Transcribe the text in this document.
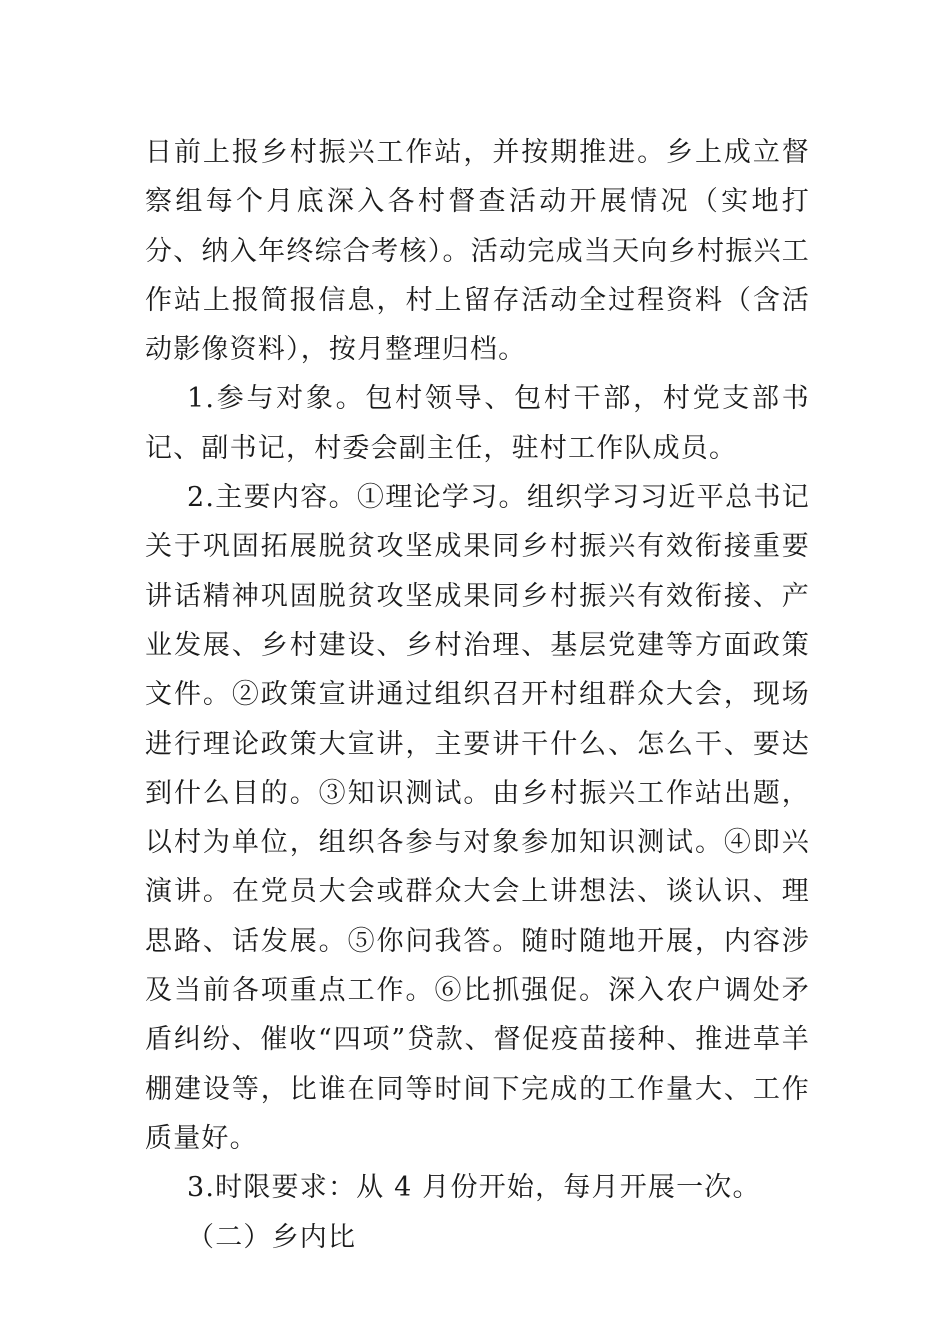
日前上报乡村振兴工作站，并按期推进。乡上成立督察组每个月底深入各村督查活动开展情况（实地打分、纳入年终综合考核）。活动完成当天向乡村振兴工作站上报简报信息，村上留存活动全过程资料（含活动影像资料），按月整理归档。

1.参与对象。包村领导、包村干部，村党支部书记、副书记，村委会副主任，驻村工作队成员。

2.主要内容。①理论学习。组织学习习近平总书记关于巩固拓展脱贫攻坚成果同乡村振兴有效衔接重要讲话精神巩固脱贫攻坚成果同乡村振兴有效衔接、产业发展、乡村建设、乡村治理、基层党建等方面政策文件。②政策宣讲通过组织召开村组群众大会，现场进行理论政策大宣讲，主要讲干什么、怎么干、要达到什么目的。③知识测试。由乡村振兴工作站出题，以村为单位，组织各参与对象参加知识测试。④即兴演讲。在党员大会或群众大会上讲想法、谈认识、理思路、话发展。⑤你问我答。随时随地开展，内容涉及当前各项重点工作。⑥比抓强促。深入农户调处矛盾纠纷、催收“四项”贷款、督促疫苗接种、推进草羊棚建设等，比谁在同等时间下完成的工作量大、工作质量好。

3.时限要求：从 4 月份开始，每月开展一次。

（二）乡内比
